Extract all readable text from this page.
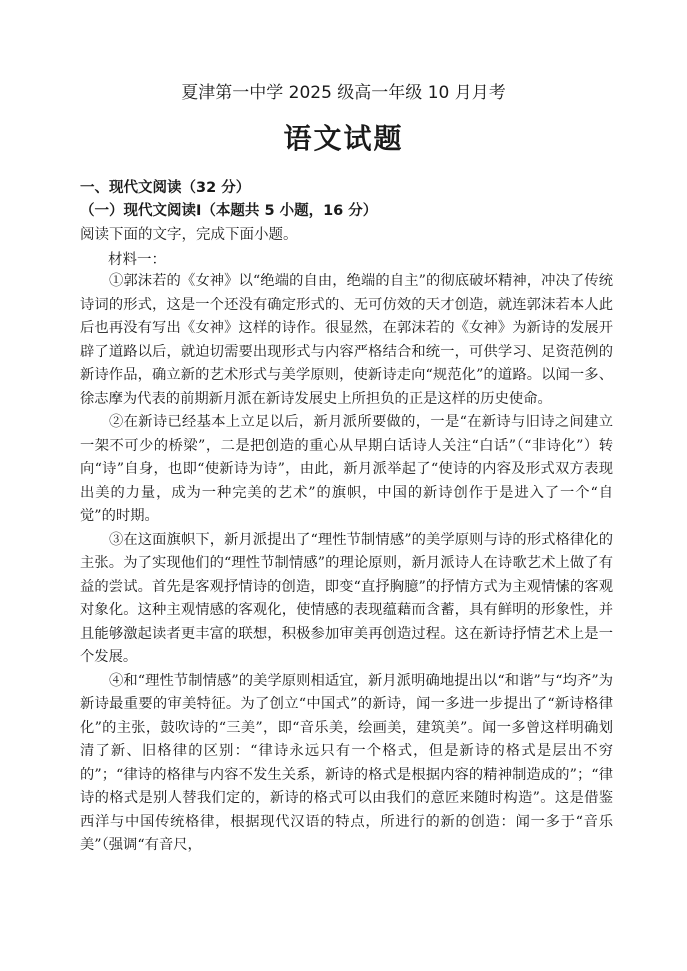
夏津第一中学 2025 级高一年级 10 月月考
语文试题
一、现代文阅读（32 分）
（一）现代文阅读Ⅰ（本题共 5 小题，16 分）
阅读下面的文字，完成下面小题。
材料一：

①郭沫若的《女神》以“绝端的自由，绝端的自主”的彻底破坏精神，冲决了传统诗词的形式，这是一个还没有确定形式的、无可仿效的天才创造，就连郭沫若本人此后也再没有写出《女神》这样的诗作。很显然，在郭沫若的《女神》为新诗的发展开辟了道路以后，就迫切需要出现形式与内容严格结合和统一，可供学习、足资范例的新诗作品，确立新的艺术形式与美学原则，使新诗走向“规范化”的道路。以闻一多、徐志摩为代表的前期新月派在新诗发展史上所担负的正是这样的历史使命。

②在新诗已经基本上立足以后，新月派所要做的，一是“在新诗与旧诗之间建立一架不可少的桥梁”，二是把创造的重心从早期白话诗人关注“白话”（“非诗化”）转向“诗”自身，也即“使新诗为诗”，由此，新月派举起了“使诗的内容及形式双方表现出美的力量，成为一种完美的艺术”的旗帜，中国的新诗创作于是进入了一个“自觉”的时期。

③在这面旗帜下，新月派提出了“理性节制情感”的美学原则与诗的形式格律化的主张。为了实现他们的“理性节制情感”的理论原则，新月派诗人在诗歌艺术上做了有益的尝试。首先是客观抒情诗的创造，即变“直抒胸臆”的抒情方式为主观情愫的客观对象化。这种主观情感的客观化，使情感的表现蕴藉而含蓄，具有鲜明的形象性，并且能够激起读者更丰富的联想，积极参加审美再创造过程。这在新诗抒情艺术上是一个发展。

④和“理性节制情感”的美学原则相适宜，新月派明确地提出以“和谐”与“均齐”为新诗最重要的审美特征。为了创立“中国式”的新诗，闻一多进一步提出了“新诗格律化”的主张，鼓吹诗的“三美”，即“音乐美，绘画美，建筑美”。闻一多曾这样明确划清了新、旧格律的区别：“律诗永远只有一个格式，但是新诗的格式是层出不穷的”；“律诗的格律与内容不发生关系，新诗的格式是根据内容的精神制造成的”；“律诗的格式是别人替我们定的，新诗的格式可以由我们的意匠来随时构造”。这是借鉴西洋与中国传统格律，根据现代汉语的特点，所进行的新的创造：闻一多于“音乐美”（强调“有音尺，
